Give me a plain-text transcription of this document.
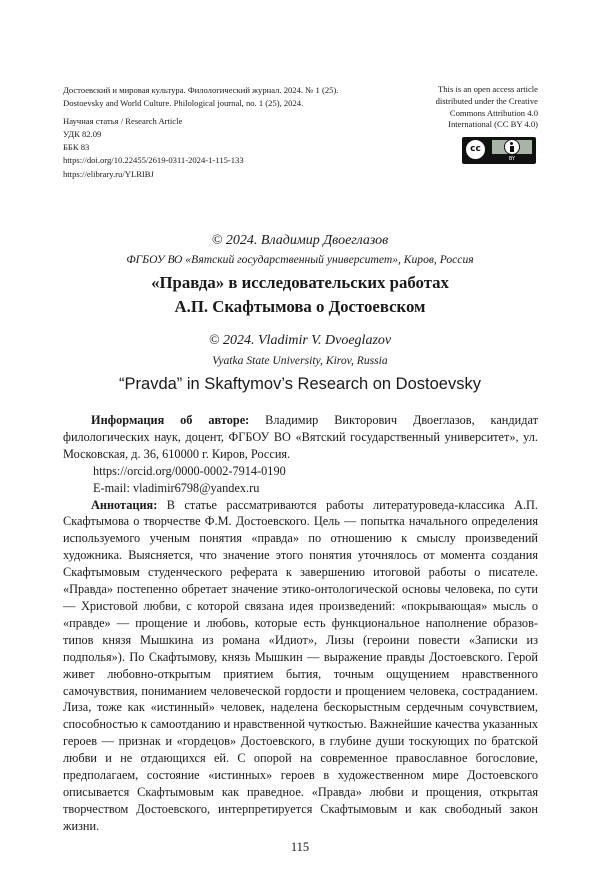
Достоевский и мировая культура. Филологический журнал. 2024. № 1 (25).
Dostoevsky and World Culture. Philological journal, no. 1 (25), 2024.
Научная статья / Research Article
УДК 82.09
ББК 83
https://doi.org/10.22455/2619-0311-2024-1-115-133
https://elibrary.ru/YLRIBJ
This is an open access article
distributed under the Creative
Commons Attribution 4.0
International (CC BY 4.0)
cc
BY
© 2024. Владимир Двоеглазов
ФГБОУ ВО «Вятский государственный университет», Киров, Россия
«Правда» в исследовательских работах
А.П. Скафтымова о Достоевском
© 2024. Vladimir V. Dvoeglazov
Vyatka State University, Kirov, Russia
“Pravda” in Skaftymov’s Research on Dostoevsky

Информация об авторе: Владимир Викторович Двоеглазов, кандидат филологических наук, доцент, ФГБОУ ВО «Вятский государственный университет», ул. Московская, д. 36, 610000 г. Киров, Россия.

https://orcid.org/0000-0002-7914-0190
E-mail: vladimir6798@yandex.ru

Аннотация: В статье рассматриваются работы литературоведа-классика А.П. Скафтымова о творчестве Ф.М. Достоевского. Цель — попытка начального определения используемого ученым понятия «правда» по отношению к смыслу произведений художника. Выясняется, что значение этого понятия уточнялось от момента создания Скафтымовым студенческого реферата к завершению итоговой работы о писателе. «Правда» постепенно обретает значение этико-онтологической основы человека, по сути — Христовой любви, с которой связана идея произведений: «покрывающая» мысль о «правде» — прощение и любовь, которые есть функциональное наполнение образов-типов князя Мышкина из романа «Идиот», Лизы (героини повести «Записки из подполья»). По Скафтымову, князь Мышкин — выражение правды Достоевского. Герой живет любовно-открытым приятием бытия, точным ощущением нравственного самочувствия, пониманием человеческой гордости и прощением человека, состраданием. Лиза, тоже как «истинный» человек, наделена бескорыстным сердечным сочувствием, способностью к самоотданию и нравственной чуткостью. Важнейшие качества указанных героев — признак и «гордецов» Достоевского, в глубине души тоскующих по братской любви и не отдающихся ей. С опорой на современное православное богословие, предполагаем, состояние «истинных» героев в художественном мире Достоевского описывается Скафтымовым как праведное. «Правда» любви и прощения, открытая творчеством Достоевского, интерпретируется Скафтымовым и как свободный закон жизни.

115
